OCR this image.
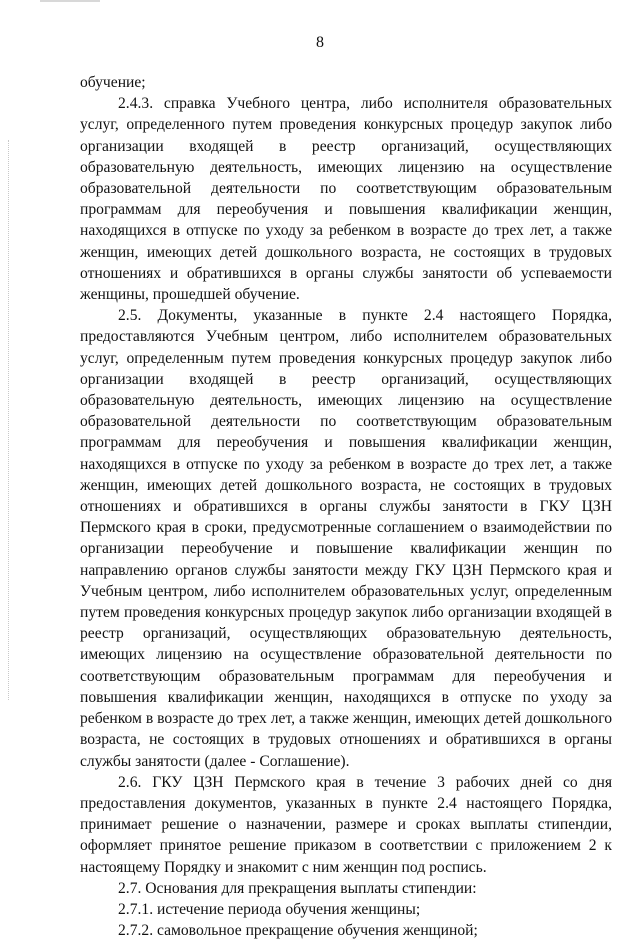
8

обучение;

2.4.3. справка Учебного центра, либо исполнителя образовательных услуг, определенного путем проведения конкурсных процедур закупок либо организации входящей в реестр организаций, осуществляющих образовательную деятельность, имеющих лицензию на осуществление образовательной деятельности по соответствующим образовательным программам для переобучения и повышения квалификации женщин, находящихся в отпуске по уходу за ребенком в возрасте до трех лет, а также женщин, имеющих детей дошкольного возраста, не состоящих в трудовых отношениях и обратившихся в органы службы занятости об успеваемости женщины, прошедшей обучение.

2.5. Документы, указанные в пункте 2.4 настоящего Порядка, предоставляются Учебным центром, либо исполнителем образовательных услуг, определенным путем проведения конкурсных процедур закупок либо организации входящей в реестр организаций, осуществляющих образовательную деятельность, имеющих лицензию на осуществление образовательной деятельности по соответствующим образовательным программам для переобучения и повышения квалификации женщин, находящихся в отпуске по уходу за ребенком в возрасте до трех лет, а также женщин, имеющих детей дошкольного возраста, не состоящих в трудовых отношениях и обратившихся в органы службы занятости в ГКУ ЦЗН Пермского края в сроки, предусмотренные соглашением о взаимодействии по организации переобучение и повышение квалификации женщин по направлению органов службы занятости между ГКУ ЦЗН Пермского края и Учебным центром, либо исполнителем образовательных услуг, определенным путем проведения конкурсных процедур закупок либо организации входящей в реестр организаций, осуществляющих образовательную деятельность, имеющих лицензию на осуществление образовательной деятельности по соответствующим образовательным программам для переобучения и повышения квалификации женщин, находящихся в отпуске по уходу за ребенком в возрасте до трех лет, а также женщин, имеющих детей дошкольного возраста, не состоящих в трудовых отношениях и обратившихся в органы службы занятости (далее - Соглашение).

2.6. ГКУ ЦЗН Пермского края в течение 3 рабочих дней со дня предоставления документов, указанных в пункте 2.4 настоящего Порядка, принимает решение о назначении, размере и сроках выплаты стипендии, оформляет принятое решение приказом в соответствии с приложением 2 к настоящему Порядку и знакомит с ним женщин под роспись.

2.7. Основания для прекращения выплаты стипендии:

2.7.1. истечение периода обучения женщины;

2.7.2. самовольное прекращение обучения женщиной;
